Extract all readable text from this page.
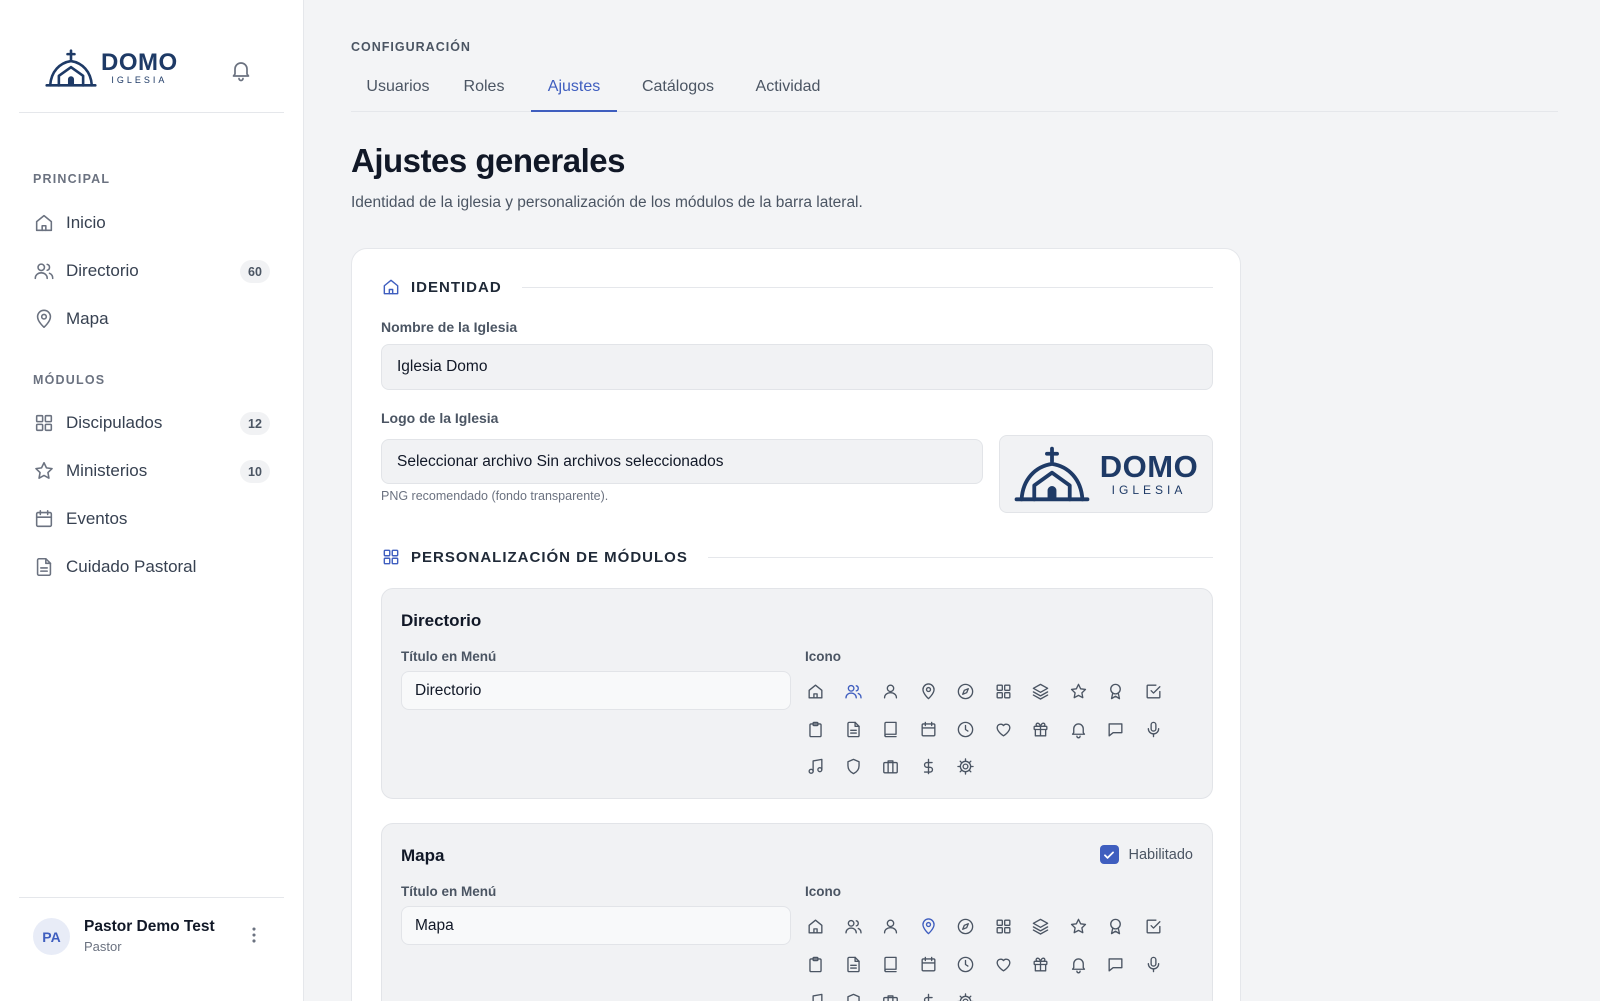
DOMO
IGLESIA
PRINCIPAL
Inicio
Directorio	60
Mapa
MÓDULOS
Discipulados	12
Ministerios	10
Eventos
Cuidado Pastoral
PA
Pastor Demo Test
Pastor
CONFIGURACIÓN
Usuarios	Roles	Ajustes	Catálogos	Actividad
Ajustes generales

Identidad de la iglesia y personalización de los módulos de la barra lateral.

IDENTIDAD
Nombre de la Iglesia
Iglesia Domo
Logo de la Iglesia
Seleccionar archivo
Sin archivos seleccionados
PNG recomendado (fondo transparente).
DOMO
IGLESIA
PERSONALIZACIÓN DE MÓDULOS
Directorio
Título en Menú	Icono
Directorio
Mapa	Habilitado
Título en Menú	Icono
Mapa
